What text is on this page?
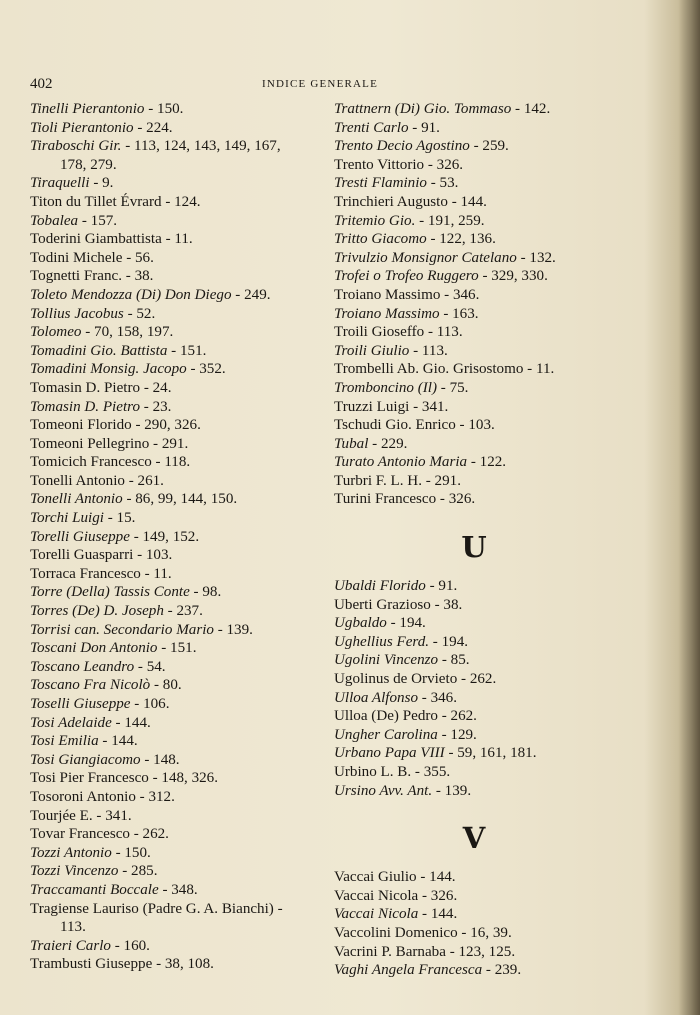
402	INDICE GENERALE

Tinelli Pierantonio - 150.

Tioli Pierantonio - 224.

Tiraboschi Gir. - 113, 124, 143, 149, 167, 178, 279.

Tiraquelli - 9.

Titon du Tillet Évrard - 124.

Tobalea - 157.

Toderini Giambattista - 11.

Todini Michele - 56.

Tognetti Franc. - 38.

Toleto Mendozza (Di) Don Diego - 249.

Tollius Jacobus - 52.

Tolomeo - 70, 158, 197.

Tomadini Gio. Battista - 151.

Tomadini Monsig. Jacopo - 352.

Tomasin D. Pietro - 24.

Tomasin D. Pietro - 23.

Tomeoni Florido - 290, 326.

Tomeoni Pellegrino - 291.

Tomicich Francesco - 118.

Tonelli Antonio - 261.

Tonelli Antonio - 86, 99, 144, 150.

Torchi Luigi - 15.

Torelli Giuseppe - 149, 152.

Torelli Guasparri - 103.

Torraca Francesco - 11.

Torre (Della) Tassis Conte - 98.

Torres (De) D. Joseph - 237.

Torrisi can. Secondario Mario - 139.

Toscani Don Antonio - 151.

Toscano Leandro - 54.

Toscano Fra Nicolò - 80.

Toselli Giuseppe - 106.

Tosi Adelaide - 144.

Tosi Emilia - 144.

Tosi Giangiacomo - 148.

Tosi Pier Francesco - 148, 326.

Tosoroni Antonio - 312.

Tourjée E. - 341.

Tovar Francesco - 262.

Tozzi Antonio - 150.

Tozzi Vincenzo - 285.

Traccamanti Boccale - 348.

Tragiense Lauriso (Padre G. A. Bianchi) - 113.

Traieri Carlo - 160.

Trambusti Giuseppe - 38, 108.

Trattnern (Di) Gio. Tommaso - 142.

Trenti Carlo - 91.

Trento Decio Agostino - 259.

Trento Vittorio - 326.

Tresti Flaminio - 53.

Trinchieri Augusto - 144.

Tritemio Gio. - 191, 259.

Tritto Giacomo - 122, 136.

Trivulzio Monsignor Catelano - 132.

Trofei o Trofeo Ruggero - 329, 330.

Troiano Massimo - 346.

Troiano Massimo - 163.

Troili Gioseffo - 113.

Troili Giulio - 113.

Trombelli Ab. Gio. Grisostomo - 11.

Tromboncino (Il) - 75.

Truzzi Luigi - 341.

Tschudi Gio. Enrico - 103.

Tubal - 229.

Turato Antonio Maria - 122.

Turbri F. L. H. - 291.

Turini Francesco - 326.

U

Ubaldi Florido - 91.

Uberti Grazioso - 38.

Ugbaldo - 194.

Ughellius Ferd. - 194.

Ugolini Vincenzo - 85.

Ugolinus de Orvieto - 262.

Ulloa Alfonso - 346.

Ulloa (De) Pedro - 262.

Ungher Carolina - 129.

Urbano Papa VIII - 59, 161, 181.

Urbino L. B. - 355.

Ursino Avv. Ant. - 139.

V

Vaccai Giulio - 144.

Vaccai Nicola - 326.

Vaccai Nicola - 144.

Vaccolini Domenico - 16, 39.

Vacrini P. Barnaba - 123, 125.

Vaghi Angela Francesca - 239.
